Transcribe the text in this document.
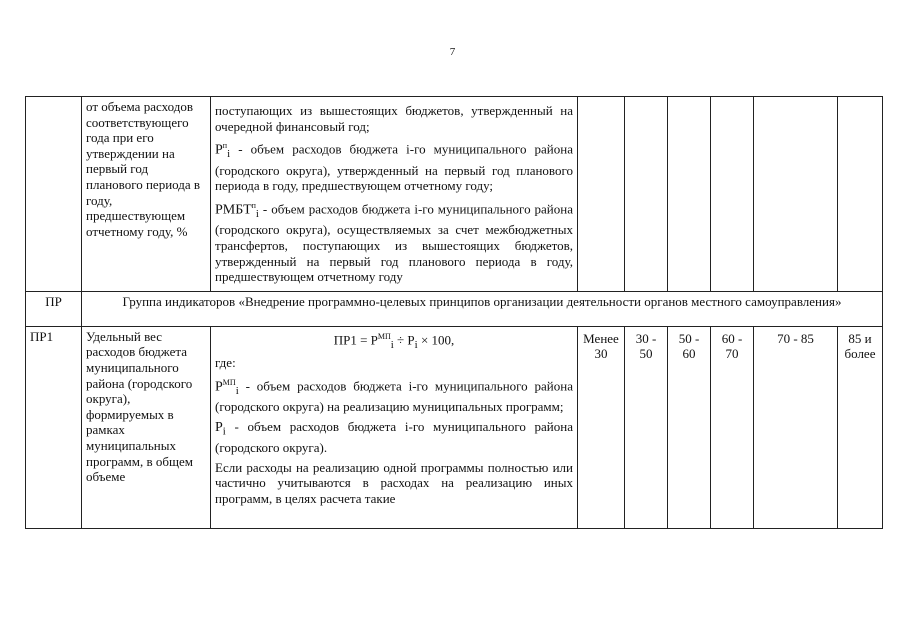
7
	от объема расходов соответствующего года при его утверждении на первый год планового периода в году, предшествующем отчетному году, %	поступающих из вышестоящих бюджетов, утвержденный на очередной финансовый год;

$P^п_i$ - объем расходов бюджета i-го муниципального района (городского округа), утвержденный на первый год планового периода в году, предшествующем отчетному году;

$РМБТ^п_i$ - объем расходов бюджета i-го муниципального района (городского округа), осуществляемых за счет межбюджетных трансфертов, поступающих из вышестоящих бюджетов, утвержденный на первый год планового периода в году, предшествующем отчетному году						

ПР	Группа индикаторов «Внедрение программно-целевых принципов организации деятельности органов местного самоуправления»							
ПР1	Удельный вес расходов бюджета муниципального района (городского округа), формируемых в рамках муниципальных программ, в общем объеме	$ПР1 = P^{МП}_i \div P_i \times 100$,
где:

$P^{МП}_i$ - объем расходов бюджета i-го муниципального района (городского округа) на реализацию муниципальных программ;

$P_i$ - объем расходов бюджета i-го муниципального района (городского округа).

Если расходы на реализацию одной программы полностью или частично учитываются в расходах на реализацию иных программ, в целях расчета такие	Менее 30	30 - 50	50 - 60	60 - 70	70 - 85	85 и более
